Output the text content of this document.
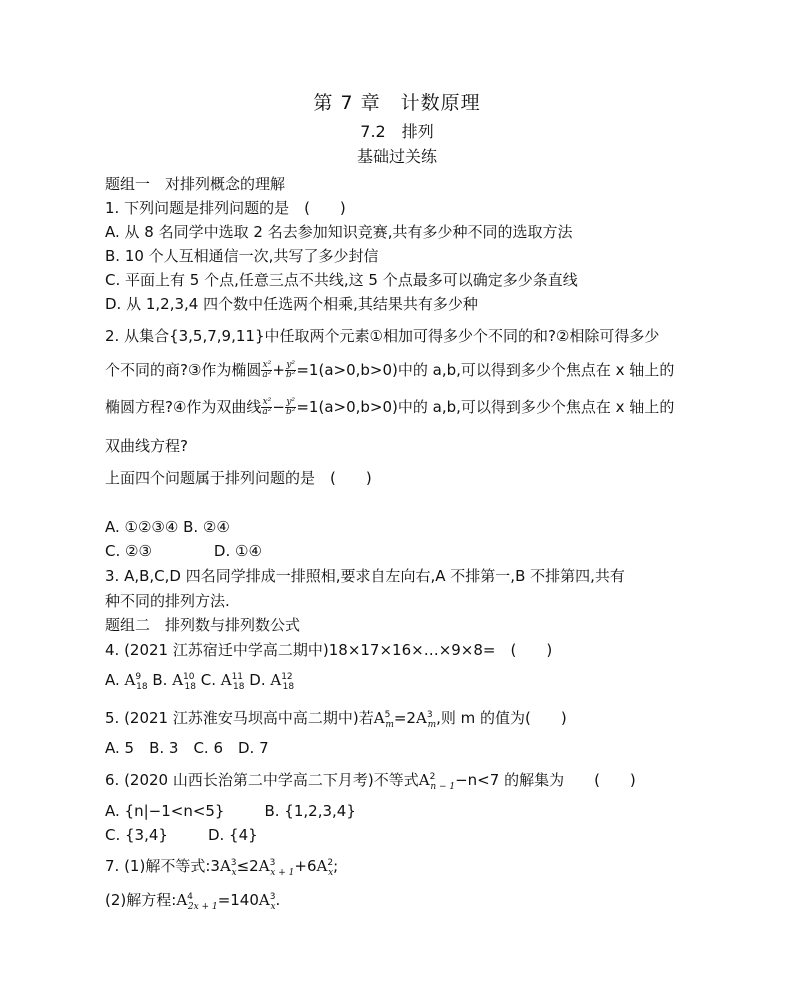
第 7 章　计数原理
7.2　排列
基础过关练
题组一　对排列概念的理解
1. 下列问题是排列问题的是　(　　)
A. 从 8 名同学中选取 2 名去参加知识竞赛,共有多少种不同的选取方法
B. 10 个人互相通信一次,共写了多少封信
C. 平面上有 5 个点,任意三点不共线,这 5 个点最多可以确定多少条直线
D. 从 1,2,3,4 四个数中任选两个相乘,其结果共有多少种
2. 从集合{3,5,7,9,11}中任取两个元素①相加可得多少个不同的和?②相除可得多少
个不同的商?③作为椭圆 $\frac{\text{x²}}{\text{a²}} + \frac{\text{y²}}{\text{b²}} =1(a>0,b>0)$中的 a,b,可以得到多少个焦点在 x 轴上的
椭圆方程?④作为双曲线 $\frac{\text{x²}}{\text{a²}} - \frac{\text{y²}}{\text{b²}} =1(a>0,b>0)$中的 a,b,可以得到多少个焦点在 x 轴上的
双曲线方程?
上面四个问题属于排列问题的是　(　　)
A. ①②③④ B. ②④
C. ②③	D. ①④
3. A,B,C,D 四名同学排成一排照相,要求自左向右,A 不排第一,B 不排第四,共有
种不同的排列方法.
题组二　排列数与排列数公式
4. (2021 江苏宿迁中学高二期中)18×17×16×…×9×8=　(　　)
A. $A^9_{18}$ B. $A^{10}_{18}$ C. $A^{11}_{18}$ D. $A^{12}_{18}$
5. (2021 江苏淮安马坝高中高二期中)若$A^5_m=2A^3_m$,则 m 的值为(　　)
A. 5　B. 3　C. 6　D. 7
6. (2020 山西长治第二中学高二下月考)不等式$A^2_{n - 1}-n<7$ 的解集为　　(　　)
A. {n|−1<n<5}	B. {1,2,3,4}
C. {3,4}	D. {4}
7. (1)解不等式$:3A^3_x\le 2A^3_{x + 1}+6A^2_x$;
(2)解方程$:A^4_{2x + 1}=140A^3_x$.
